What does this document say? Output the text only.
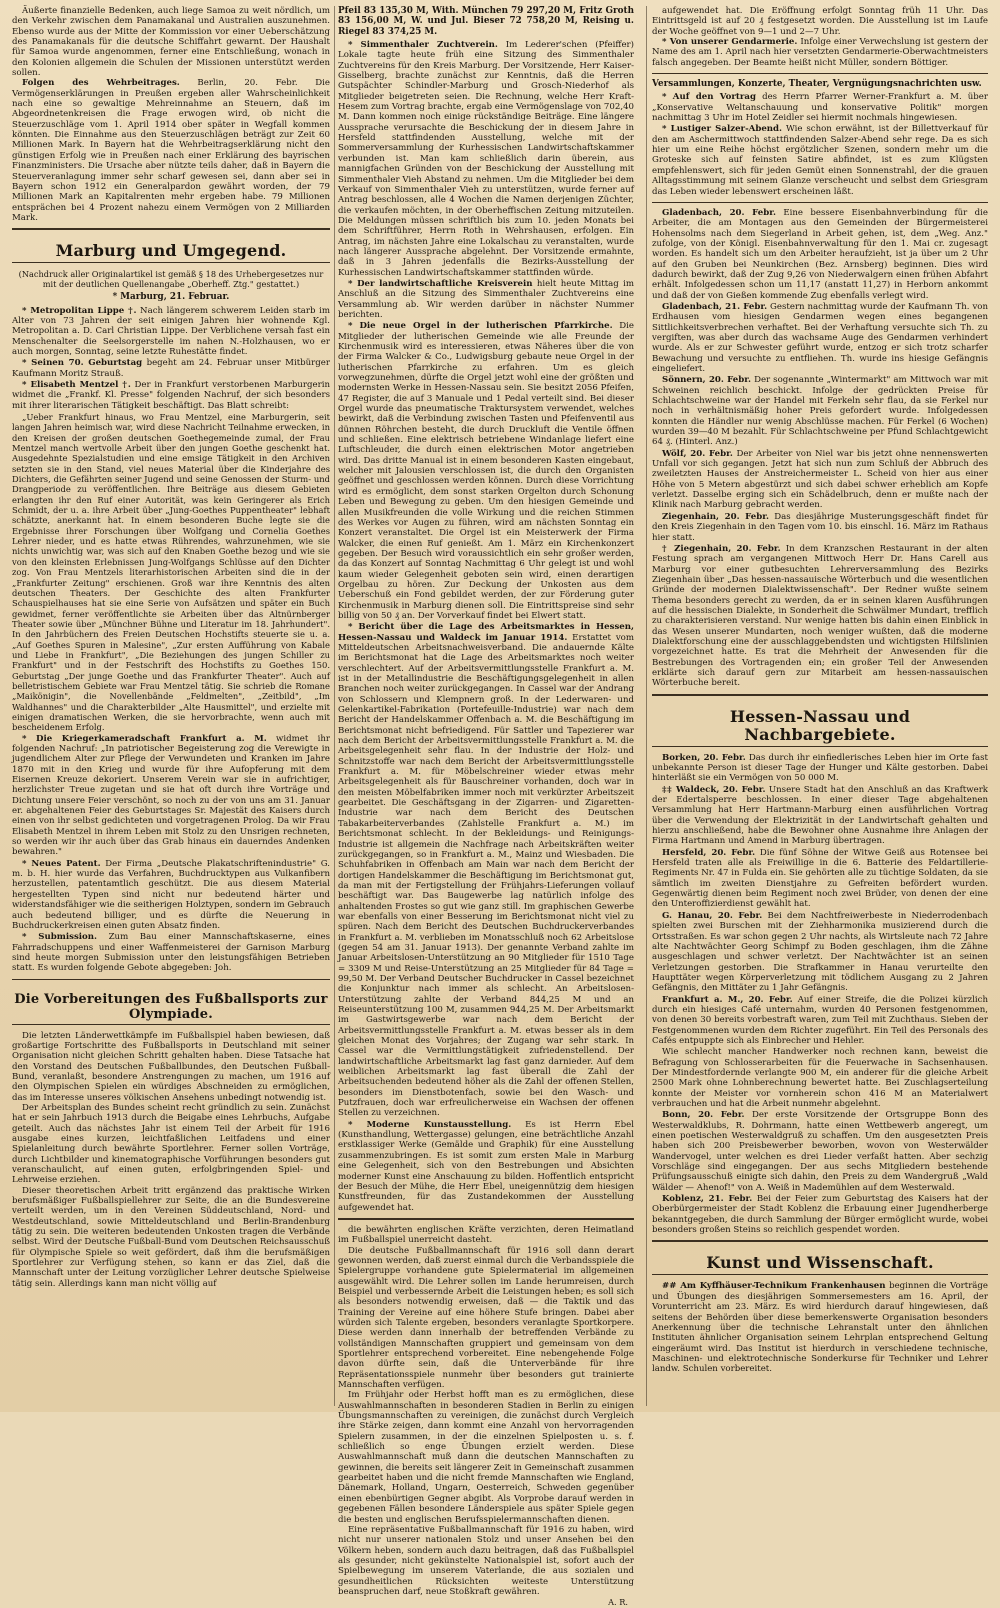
Äußerte finanzielle Bedenken, auch liege Samoa zu weit nördlich, um den Verkehr zwischen dem Panamakanal und Australien auszunehmen. Ebenso wurde aus der Mitte der Kommission vor einer Ueberschätzung des Panamakanals für die deutsche Schiffahrt gewarnt. Der Haushalt für Samoa wurde angenommen, ferner eine Entschließung, wonach in den Kolonien allgemein die Schulen der Missionen unterstützt werden sollen.

Folgen des Wehrbeitrages. Berlin, 20. Febr. Die Vermögenserklärungen in Preußen ergeben aller Wahrscheinlichkeit nach eine so gewaltige Mehreinnahme an Steuern, daß im Abgeordnetenkreisen die Frage erwogen wird, ob nicht die Steuerzuschläge vom 1. April 1914 ober später in Wegfall kommen könnten. Die Einnahme aus den Steuerzuschlägen beträgt zur Zeit 60 Millionen Mark. In Bayern hat die Wehrbeitragserklärung nicht den günstigen Erfolg wie in Preußen nach einer Erklärung des bayrischen Finanzministers. Die Ursache aber nützte teils daher, daß in Bayern die Steuerveranlagung immer sehr scharf gewesen sei, dann aber sei in Bayern schon 1912 ein Generalpardon gewährt worden, der 79 Millionen Mark an Kapitalrenten mehr ergeben habe. 79 Millionen entsprächen bei 4 Prozent nahezu einem Vermögen von 2 Milliarden Mark.

Marburg und Umgegend.
(Nachdruck aller Originalartikel ist gemäß § 18 des Urhebergesetzes nur mit der deutlichen Quellenangabe „Oberheff. Ztg." gestattet.)
* Marburg, 21. Februar.

* Metropolitan Lippe †. Nach längerem schwerem Leiden starb im Alter von 73 Jahren der seit einigen Jahren hier wohnende Kgl. Metropolitan a. D. Carl Christian Lippe. Der Verblichene versah fast ein Menschenalter die Seelsorgerstelle im nahen N.-Holzhausen, wo er auch morgen, Sonntag, seine letzte Ruhestätte findet.

* Seinen 70. Geburtstag begeht am 24. Februar unser Mitbürger Kaufmann Moritz Strauß.

* Elisabeth Mentzel †. Der in Frankfurt verstorbenen Marburgerin widmet die „Frankf. Kl. Presse" folgenden Nachruf, der sich besonders mit ihrer literarischen Tätigkeit beschäftigt. Das Blatt schreibt:

„Ueber Frankfurt hinaus, wo Frau Mentzel, eine Marburgerin, seit langen Jahren heimisch war, wird diese Nachricht Teilnahme erwecken, in den Kreisen der großen deutschen Goethegemeinde zumal, der Frau Mentzel manch wertvolle Arbeit über den jungen Goethe geschenkt hat. Ausgedehnte Spezialstudien und eine emsige Tätigkeit in den Archiven setzten sie in den Stand, viel neues Material über die Kinderjahre des Dichters, die Gefährten seiner Jugend und seine Genossen der Sturm- und Drangperiode zu veröffentlichen. Ihre Beiträge aus diesem Gebieten erlangten ihr den Ruf einer Autorität, was kein Geringerer als Erich Schmidt, der u. a. ihre Arbeit über „Jung-Goethes Puppentheater" lebhaft schätzte, anerkannt hat. In einem besonderen Buche legte sie die Ergebnisse ihrer Forschungen über Wolfgang und Cornelia Goethes Lehrer nieder, und es hatte etwas Rührendes, wahrzunehmen, wie sie nichts unwichtig war, was sich auf den Knaben Goethe bezog und wie sie von den kleinsten Erlebnissen Jung-Wolfgangs Schlüsse auf den Dichter zog. Von Frau Mentzels literarhistorischen Arbeiten sind die in der „Frankfurter Zeitung" erschienen. Groß war ihre Kenntnis des alten deutschen Theaters. Der Geschichte des alten Frankfurter Schauspielhauses hat sie eine Serie von Aufsätzen und später ein Buch gewidmet, ferner veröffentlichte sie Arbeiten über das Altnürnberger Theater sowie über „Münchner Bühne und Literatur im 18. Jahrhundert". In den Jahrbüchern des Freien Deutschen Hochstifts steuerte sie u. a. „Auf Goethes Spuren in Malesine", „Zur ersten Aufführung von Kabale und Liebe in Frankfurt", „Die Beziehungen des jungen Schiller zu Frankfurt" und in der Festschrift des Hochstifts zu Goethes 150. Geburtstag „Der junge Goethe und das Frankfurter Theater". Auch auf belletristischem Gebiete war Frau Mentzel tätig. Sie schrieb die Romane „Maikönigin", die Novellenbände „Feldmelten", „Zeitbild", „Im Waldhannes" und die Charakterbilder „Alte Hausmittel", und erzielte mit einigen dramatischen Werken, die sie hervorbrachte, wenn auch mit bescheidenem Erfolg.

* Die Kriegerkameradschaft Frankfurt a. M. widmet ihr folgenden Nachruf: „In patriotischer Begeisterung zog die Verewigte in jugendlichem Alter zur Pflege der Verwundeten und Kranken im Jahre 1870 mit in den Krieg und wurde für ihre Aufopferung mit dem Eisernen Kreuze dekoriert. Unserem Verein war sie in aufrichtiger, herzlichster Treue zugetan und sie hat oft durch ihre Vorträge und Dichtung unsere Feier verschönt, so noch zu der von uns am 31. Januar er. abgehaltenen Feier des Geburtstages Sr. Majestät des Kaisers durch einen von ihr selbst gedichteten und vorgetragenen Prolog. Da wir Frau Elisabeth Mentzel in ihrem Leben mit Stolz zu den Unsrigen rechneten, so werden wir ihr auch über das Grab hinaus ein dauerndes Andenken bewahren."

* Neues Patent. Der Firma „Deutsche Plakatschriftenindustrie" G. m. b. H. hier wurde das Verfahren, Buchdrucktypen aus Vulkanfibern herzustellen, patentamtlich geschützt. Die aus diesem Material hergestellten Typen sind nicht nur bedeutend härter und widerstandsfähiger wie die seitherigen Holztypen, sondern im Gebrauch auch bedeutend billiger, und es dürfte die Neuerung in Buchdruckerkreisen einen guten Absatz finden.

* Submission. Zum Bau einer Mannschaftskaserne, eines Fahrradschuppens und einer Waffenmeisterei der Garnison Marburg sind heute morgen Submission unter den leistungsfähigen Betrieben statt. Es wurden folgende Gebote abgegeben: Joh.

Die Vorbereitungen des Fußballsports zur Olympiade.

Die letzten Länderwettkämpfe im Fußballspiel haben bewiesen, daß großartige Fortschritte des Fußballsports in Deutschland mit seiner Organisation nicht gleichen Schritt gehalten haben. Diese Tatsache hat den Vorstand des Deutschen Fußballbundes, den Deutschen Fußball-Bund, veranlaßt, besondere Anstrengungen zu machen, um 1916 auf den Olympischen Spielen ein würdiges Abschneiden zu ermöglichen, das im Interesse unseres völkischen Ansehens unbedingt notwendig ist.

Der Arbeitsplan des Bundes scheint recht gründlich zu sein. Zunächst hat er sein Jahrbuch 1913 durch die Beigabe eines Lehrbuchs, Aufgabe geteilt. Auch das nächstes Jahr ist einem Teil der Arbeit für 1916 ausgabe eines kurzen, leichtfaßlichen Leitfadens und einer Spielanleitung durch bewährte Sportlehrer. Ferner sollen Vorträge, durch Lichtbilder und kinematographische Vorführungen besonders gut veranschaulicht, auf einen guten, erfolgbringenden Spiel- und Lehrweise erziehen.

Dieser theoretischen Arbeit tritt ergänzend das praktische Wirken berufsmäßiger Fußballspiellehrer zur Seite, die an die Bundesvereine verteilt werden, um in den Vereinen Süddeutschland, Nord- und Westdeutschland, sowie Mitteldeutschland und Berlin-Brandenburg tätig zu sein. Die weiteren bedeutenden Unkosten tragen die Verbände selbst. Wird der Deutsche Fußball-Bund vom Deutschen Reichsausschuß für Olympische Spiele so weit gefördert, daß ihm die berufsmäßigen Sportlehrer zur Verfügung stehen, so kann er das Ziel, daß die Mannschaft unter der Leitung vorzüglicher Lehrer deutsche Spielweise tätig sein. Allerdings kann man nicht völlig auf

Pfeil 83 135,30 M, With. München 79 297,20 M, Fritz Groth 83 156,00 M, W. und Jul. Bieser 72 758,20 M, Reising u. Riegel 83 374,25 M.

* Simmenthaler Zuchtverein. Im Lederer'schen (Pfeiffer) Lokale tagte heute früh eine Sitzung des Simmenthaler Zuchtvereins für den Kreis Marburg. Der Vorsitzende, Herr Kaiser-Gisselberg, brachte zunächst zur Kenntnis, daß die Herren Gutspächter Schindler-Marburg und Grosch-Niederhof als Mitglieder beigetreten seien. Die Rechnung, welche Herr Kraft-Hesem zum Vortrag brachte, ergab eine Vermögenslage von 702,40 M. Dann kommen noch einige rückständige Beiträge. Eine längere Aussprache verursachte die Beschickung der in diesem Jahre in Hersfeld stattfindenden Ausstellung, welche mit der Sommerversammlung der Kurhessischen Landwirtschaftskammer verbunden ist. Man kam schließlich darin überein, aus mannigfachen Gründen von der Beschickung der Ausstellung mit Simmenthaler Vieh Abstand zu nehmen. Um die Mitglieder bei dem Verkauf von Simmenthaler Vieh zu unterstützen, wurde ferner auf Antrag beschlossen, alle 4 Wochen die Namen derjenigen Züchter, die verkaufen möchten, in der Oberheffischen Zeitung mitzuteilen. Die Meldungen müssen schriftlich bis zum 10. jeden Monats bei dem Schriftführer, Herrn Roth in Wehrshausen, erfolgen. Ein Antrag, im nächsten Jahre eine Lokalschau zu veranstalten, wurde nach längerer Aussprache abgelehnt. Der Vorsitzende ermahnte, daß in 3 Jahren jedenfalls die Bezirks-Ausstellung der Kurhessischen Landwirtschaftskammer stattfinden würde.

* Der landwirtschaftliche Kreisverein hielt heute Mittag im Anschluß an die Sitzung des Simmenthaler Zuchtvereins eine Versammlung ab. Wir werden darüber in nächster Nummer berichten.

* Die neue Orgel in der lutherischen Pfarrkirche. Die Mitglieder der lutherischen Gemeinde wie alle Freunde der Kirchenmusik wird es interessieren, etwas Näheres über die von der Firma Walcker & Co., Ludwigsburg gebaute neue Orgel in der lutherischen Pfarrkirche zu erfahren. Um es gleich vorwegzunehmen, dürfte die Orgel jetzt wohl eine der größten und modernsten Werke in Hessen-Nassau sein. Sie besitzt 2056 Pfeifen, 47 Register, die auf 3 Manuale und 1 Pedal verteilt sind. Bei dieser Orgel wurde das pneumatische Traktursystem verwendet, welches bewirkt, daß die Verbindung zwischen Tasten und Pfeifenventil aus dünnen Röhrchen besteht, die durch Druckluft die Ventile öffnen und schließen. Eine elektrisch betriebene Windanlage liefert eine Luftschleuder, die durch einen elektrischen Motor angetrieben wird. Das dritte Manual ist in einem besonderen Kasten eingebaut, welcher mit Jalousien verschlossen ist, die durch den Organisten geöffnet und geschlossen werden können. Durch diese Vorrichtung wird es ermöglicht, dem sonst starken Orgelton durch Schonung Leben und Bewegung zu geben. Um den hiesigen Gemeinde und allen Musikfreunden die volle Wirkung und die reichen Stimmen des Werkes vor Augen zu führen, wird am nächsten Sonntag ein Konzert veranstaltet. Die Orgel ist ein Meisterwerk der Firma Walcker, die einen Ruf genießt. Am 1. März ein Kirchenkonzert gegeben. Der Besuch wird voraussichtlich ein sehr großer werden, da das Konzert auf Sonntag Nachmittag 6 Uhr gelegt ist und wohl kaum wieder Gelegenheit geboten sein wird, einen derartigen Orgelbau zu hören. Zur Deckung der Unkosten aus dem Ueberschuß ein Fond gebildet werden, der zur Förderung guter Kirchenmusik in Marburg dienen soll. Die Eintrittspreise sind sehr billig von 50 ₰ an. Der Vorverkauf findet bei Elwert statt.

* Bericht über die Lage des Arbeitsmarktes in Hessen, Hessen-Nassau und Waldeck im Januar 1914. Erstattet vom Mitteldeutschen Arbeitsnachweisverband. Die andauernde Kälte im Berichtsmonat hat die Lage des Arbeitsmarktes noch weiter verschlechtert. Auf der Arbeitsvermittlungsstelle Frankfurt a. M. ist in der Metallindustrie die Beschäftigungsgelegenheit in allen Branchen noch weiter zurückgegangen. In Cassel war der Andrang von Schlossern und Klempnern groß. In der Lederwaren- und Gelenkartikel-Fabrikation (Portefeuille-Industrie) war nach dem Bericht der Handelskammer Offenbach a. M. die Beschäftigung im Berichtsmonat nicht befriedigend. Für Sattler und Tapezierer war nach dem Bericht der Arbeitsvermittlungsstelle Frankfurt a. M. die Arbeitsgelegenheit sehr flau. In der Industrie der Holz- und Schnitzstoffe war nach dem Bericht der Arbeitsvermittlungsstelle Frankfurt a. M. für Möbelschreiner wieder etwas mehr Arbeitsgelegenheit als für Bauschreiner vorhanden, doch war in den meisten Möbelfabriken immer noch mit verkürzter Arbeitszeit gearbeitet. Die Geschäftsgang in der Zigarren- und Zigaretten-Industrie war nach dem Bericht des Deutschen Tabakarbeiterverbandes (Zahlstelle Frankfurt a. M.) im Berichtsmonat schlecht. In der Bekleidungs- und Reinigungs-Industrie ist allgemein die Nachfrage nach Arbeitskräften weiter zurückgegangen, so in Frankfurt a. M., Mainz und Wiesbaden. Die Schuhfabriken in Offenbach am Main war nach dem Bericht der dortigen Handelskammer die Beschäftigung im Berichtsmonat gut, da man mit der Fertigstellung der Frühjahrs-Lieferungen vollauf beschäftigt war. Das Baugewerbe lag natürlich infolge des anhaltenden Frostes so gut wie ganz still. Im graphischen Gewerbe war ebenfalls von einer Besserung im Berichtsmonat nicht viel zu spüren. Nach dem Bericht des Deutschen Buchdruckerverbandes in Frankfurt a. M. verblieben im Monatsschluß noch 62 Arbeitslose (gegen 54 am 31. Januar 1913). Der genannte Verband zahlte im Januar Arbeitslosen-Unterstützung an 90 Mitglieder für 1510 Tage = 3309 M und Reise-Unterstützung an 25 Mitglieder für 84 Tage = 99,50 M. Der Verband Deutscher Buchdrucker in Cassel bezeichnet die Konjunktur nach immer als schlecht. An Arbeitslosen-Unterstützung zahlte der Verband 844,25 M und an Reiseunterstützung 100 M, zusammen 944,25 M. Der Arbeitsmarkt im Gastwirtsgewerbe war nach dem Bericht der Arbeitsvermittlungsstelle Frankfurt a. M. etwas besser als in dem gleichen Monat des Vorjahres; der Zugang war sehr stark. In Cassel war die Vermittlungstätigkeit zufriedenstellend. Der landwirtschaftliche Arbeitsmarkt lag fast ganz darnieder. Auf dem weiblichen Arbeitsmarkt lag fast überall die Zahl der Arbeitsuchenden bedeutend höher als die Zahl der offenen Stellen, besonders im Dienstbotenfach, sowie bei den Wasch- und Putzfrauen, doch war erfreulicherweise ein Wachsen der offenen Stellen zu verzeichnen.

* Moderne Kunstausstellung. Es ist Herrn Ebel (Kunsthandlung, Wettergasse) gelungen, eine beträchtliche Anzahl erstklassiger Werke (Gemälde und Graphik) für eine Ausstellung zusammenzubringen. Es ist somit zum ersten Male in Marburg eine Gelegenheit, sich von den Bestrebungen und Absichten moderner Kunst eine Anschauung zu bilden. Hoffentlich entspricht der Besuch der Mühe, die Herr Ebel, uneigennützig dem hiesigen Kunstfreunden, für das Zustandekommen der Ausstellung aufgewendet hat.

die bewährten englischen Kräfte verzichten, deren Heimatland im Fußballspiel unerreicht dasteht.

Die deutsche Fußballmannschaft für 1916 soll dann derart gewonnen werden, daß zuerst einmal durch die Verbandsspiele die Spielergruppe vorhandene gute Spielermaterial im allgemeinen ausgewählt wird. Die Lehrer sollen im Lande herumreisen, durch Beispiel und verbessernde Arbeit die Leistungen heben; es soll sich als besonders notwendig erweisen, daß — die Taktik und das Training der Vereine auf eine höhere Stufe bringen. Dabei aber würden sich Talente ergeben, besonders veranlagte Sportkorpere. Diese werden dann innerhalb der betreffenden Verbände zu vollständigen Mannschaften gruppiert und gemeinsam von dem Sportlehrer entsprechend vorbereitet. Eine nebengehende Folge davon dürfte sein, daß die Unterverbände für ihre Repräsentationsspiele nunmehr über besonders gut trainierte Mannschaften verfügen.

Im Frühjahr oder Herbst hofft man es zu ermöglichen, diese Auswahlmannschaften in besonderen Stadien in Berlin zu einigen Übungsmannschaften zu vereinigen, die zunächst durch Vergleich ihre Stärke zeigen, dann kommt eine Anzahl von hervorragenden Spielern zusammen, in der die einzelnen Spielposten u. s. f. schließlich so enge Übungen erzielt werden. Diese Auswahlmannschaft muß dann die deutschen Mannschaften zu gewinnen, die bereits seit längerer Zeit in Gemeinschaft zusammen gearbeitet haben und die nicht fremde Mannschaften wie England, Dänemark, Holland, Ungarn, Oesterreich, Schweden gegenüber einen ebenbürtigen Gegner abgibt. Als Vorprobe darauf werden in gegebenen Fällen besondere Länderspiele aus später Spiele gegen die besten und englischen Berufsspielermannschaften dienen.

Eine repräsentative Fußballmannschaft für 1916 zu haben, wird nicht nur unserer nationalen Stolz und unser Ansehen bei den Völkern heben, sondern auch dazu beitragen, daß das Fußballspiel als gesunder, nicht gekünstelte Nationalspiel ist, sofort auch der Spielbewegung im unserem Vaterlande, die aus sozialen und gesundheitlichen Rücksichten weiteste Unterstützung beanspruchen darf, neue Stoßkraft gewähren.

A. R.

aufgewendet hat. Die Eröffnung erfolgt Sonntag früh 11 Uhr. Das Eintrittsgeld ist auf 20 ₰ festgesetzt worden. Die Ausstellung ist im Laufe der Woche geöffnet von 9—1 und 2—7 Uhr.

* Von unserer Gendarmerie. Infolge einer Verwechslung ist gestern der Name des am 1. April nach hier versetzten Gendarmerie-Oberwachtmeisters falsch angegeben. Der Beamte heißt nicht Müller, sondern Böttiger.

Versammlungen, Konzerte, Theater, Vergnügungsnachrichten usw.

* Auf den Vortrag des Herrn Pfarrer Werner-Frankfurt a. M. über „Konservative Weltanschauung und konservative Politik" morgen nachmittag 3 Uhr im Hotel Zeidler sei hiermit nochmals hingewiesen.

* Lustiger Salzer-Abend. Wie schon erwähnt, ist der Billettverkauf für den am Aschermittwoch stattfindenden Salzer-Abend sehr rege. Da es sich hier um eine Reihe höchst ergötzlicher Szenen, sondern mehr um die Groteske sich auf feinsten Satire abfindet, ist es zum Klügsten empfehlenswert, sich für jeden Gemüt einen Sonnenstrahl, der die grauen Alltagsstimmung mit seinem Glanze verscheucht und selbst dem Griesgram das Leben wieder lebenswert erscheinen läßt.

Gladenbach, 20. Febr. Eine bessere Eisenbahnverbindung für die Arbeiter, die am Montagen aus den Gemeinden der Bürgermeisterei Hohensolms nach dem Siegerland in Arbeit gehen, ist, dem „Weg. Anz." zufolge, von der Königl. Eisenbahnverwaltung für den 1. Mai cr. zugesagt worden. Es handelt sich um den Arbeiter heraufzieht, ist ja über um 2 Uhr auf den Gruben bei Neunkirchen (Bez. Arnsberg) beginnen. Dies wird dadurch bewirkt, daß der Zug 9,26 von Niederwalgern einen frühen Abfahrt erhält. Infolgedessen schon um 11,17 (anstatt 11,27) in Herborn ankommt und daß der von Gießen kommende Zug ebenfalls verlegt wird.

Gladenbach, 21. Febr. Gestern nachmittag wurde der Kaufmann Th. von Erdhausen vom hiesigen Gendarmen wegen eines begangenen Sittlichkeitsverbrechen verhaftet. Bei der Verhaftung versuchte sich Th. zu vergiften, was aber durch das wachsame Auge des Gendarmen verhindert wurde. Als er zur Schwester geführt wurde, entzog er sich trotz scharfer Bewachung und versuchte zu entfliehen. Th. wurde ins hiesige Gefängnis eingeliefert.

Sönnern, 20. Febr. Der sogenannte „Wintermarkt" am Mittwoch war mit Schweinen reichlich beschickt. Infolge der gedrückten Preise für Schlachtschweine war der Handel mit Ferkeln sehr flau, da sie Ferkel nur noch in verhältnismäßig hoher Preis gefordert wurde. Infolgedessen konnten die Händler nur wenig Abschlüsse machen. Für Ferkel (6 Wochen) wurden 39—40 M bezahlt. Für Schlachtschweine per Pfund Schlachtgewicht 64 ₰. (Hinterl. Anz.)

Wölf, 20. Febr. Der Arbeiter von Niel war bis jetzt ohne nennenswerten Unfall vor sich gegangen. Jetzt hat sich nun zum Schluß der Abbruch des zweiletzten Hauses der Anstreichermeister L. Scheid von hier aus einer Höhe von 5 Metern abgestürzt und sich dabei schwer erheblich am Kopfe verletzt. Dasselbe erging sich ein Schädelbruch, denn er mußte nach der Klinik nach Marburg gebracht werden.

Ziegenhain, 20. Febr. Das diesjährige Musterungsgeschäft findet für den Kreis Ziegenhain in den Tagen vom 10. bis einschl. 16. März im Rathaus hier statt.

† Ziegenhain, 20. Febr. In dem Kranzschen Restaurant in der alten Festung sprach am vergangenen Mittwoch Herr Dr. Hans Carell aus Marburg vor einer gutbesuchten Lehrerversammlung des Bezirks Ziegenhain über „Das hessen-nassauische Wörterbuch und die wesentlichen Gründe der modernen Dialektwissenschaft". Der Redner wußte seinem Thema besonders gerecht zu werden, da er in seinen klaren Ausführungen auf die hessischen Dialekte, in Sonderheit die Schwälmer Mundart, trefflich zu charakterisieren verstand. Nur wenige hatten bis dahin einen Einblick in das Wesen unserer Mundarten, noch weniger wußten, daß die moderne Dialektforschung eine der ausschlaggebendsten und wichtigsten Hilfslinien vorgezeichnet hatte. Es trat die Mehrheit der Anwesenden für die Bestrebungen des Vortragenden ein; ein großer Teil der Anwesenden erklärte sich darauf gern zur Mitarbeit am hessen-nassauischen Wörterbuche bereit.

Hessen-Nassau und Nachbargebiete.

Borken, 20. Febr. Das durch ihr einfiedlerisches Leben hier im Orte fast unbekannte Person ist dieser Tage der Hunger und Kälte gestorben. Dabei hinterläßt sie ein Vermögen von 50 000 M.

‡‡ Waldeck, 20. Febr. Unsere Stadt hat den Anschluß an das Kraftwerk der Edertalsperre beschlossen. In einer dieser Tage abgehaltenen Versammlung hat Herr Hartmann-Marburg einen ausführlichen Vortrag über die Verwendung der Elektrizität in der Landwirtschaft gehalten und hierzu anschließend, habe die Bewohner ohne Ausnahme ihre Anlagen der Firma Hartmann und Amend in Marburg übertragen.

Hersfeld, 20. Febr. Die fünf Söhne der Witwe Geiß aus Rotensee bei Hersfeld traten alle als Freiwillige in die 6. Batterie des Feldartillerie-Regiments Nr. 47 in Fulda ein. Sie gehörten alle zu tüchtige Soldaten, da sie sämtlich im zweiten Dienstjahre zu Gefreiten befördert wurden. Gegenwärtig dienen beim Regiment noch zwei Brüder, von denen der eine den Unteroffizierdienst gewählt hat.

G. Hanau, 20. Febr. Bei dem Nachtfreiwerbeste in Niederrodenbach spielten zwei Burschen mit der Ziehharmonika musizierend durch die Ortsstraßen. Es war schon gegen 2 Uhr nachts, als Wirtsleute nach 72 Jahre alte Nachtwächter Georg Schimpf zu Boden geschlagen, ihm die Zähne ausgeschlagen und schwer verletzt. Der Nachtwächter ist an seinen Verletzungen gestorben. Die Strafkammer in Hanau verurteilte den Haupttäter wegen Körperverletzung mit tödlichem Ausgang zu 2 Jahren Gefängnis, den Mittäter zu 1 Jahr Gefängnis.

Frankfurt a. M., 20. Febr. Auf einer Streife, die die Polizei kürzlich durch ein hiesiges Café unternahm, wurden 40 Personen festgenommen, von denen 30 bereits vorbestraft waren, zum Teil mit Zuchthaus. Sieben der Festgenommenen wurden dem Richter zugeführt. Ein Teil des Personals des Cafés entpuppte sich als Einbrecher und Hehler.

Wie schlecht mancher Handwerker noch rechnen kann, beweist die Befragung von Schlosserarbeiten für die Feuerwache in Sachsenhausen. Der Mindestfordernde verlangte 900 M, ein anderer für die gleiche Arbeit 2500 Mark ohne Lohnberechnung bewertet hatte. Bei Zuschlagserteilung konnte der Meister vor vornherein schon 416 M an Materialwert verbrauchen und hat die Arbeit nunmehr abgelehnt.

Bonn, 20. Febr. Der erste Vorsitzende der Ortsgruppe Bonn des Westerwaldklubs, R. Dohrmann, hatte einen Wettbewerb angeregt, um einen poetischen Westerwaldgruß zu schaffen. Um den ausgesetzten Preis haben sich 200 Preisbewerber beworben, wovon von Westerwälder Wandervogel, unter welchen es drei Lieder verfaßt hatten. Aber sechzig Vorschläge sind eingegangen. Der aus sechs Mitgliedern bestehende Prüfungsausschuß einigte sich dahin, den Preis zu dem Wandergruß „Wald Wälder — Ahenof!" von A. Weiß in Mademühlen auf dem Westerwald.

Koblenz, 21. Febr. Bei der Feier zum Geburtstag des Kaisers hat der Oberbürgermeister der Stadt Koblenz die Erbauung einer Jugendherberge bekanntgegeben, die durch Sammlung der Bürger ermöglicht wurde, wobei besonders großen Steins so reichlich gespendet worden.

Kunst und Wissenschaft.

## Am Kyffhäuser-Technikum Frankenhausen beginnen die Vorträge und Übungen des diesjährigen Sommersemesters am 16. April, der Vorunterricht am 23. März. Es wird hierdurch darauf hingewiesen, daß seitens der Behörden über diese bemerkenswerte Organisation besonders Anerkennung über die technische Lehranstalt unter den ähnlichen Instituten ähnlicher Organisation seinem Lehrplan entsprechend Geltung eingeräumt wird. Das Institut ist hierdurch in verschiedene technische, Maschinen- und elektrotechnische Sonderkurse für Techniker und Lehrer landw. Schulen vorbereitet.
